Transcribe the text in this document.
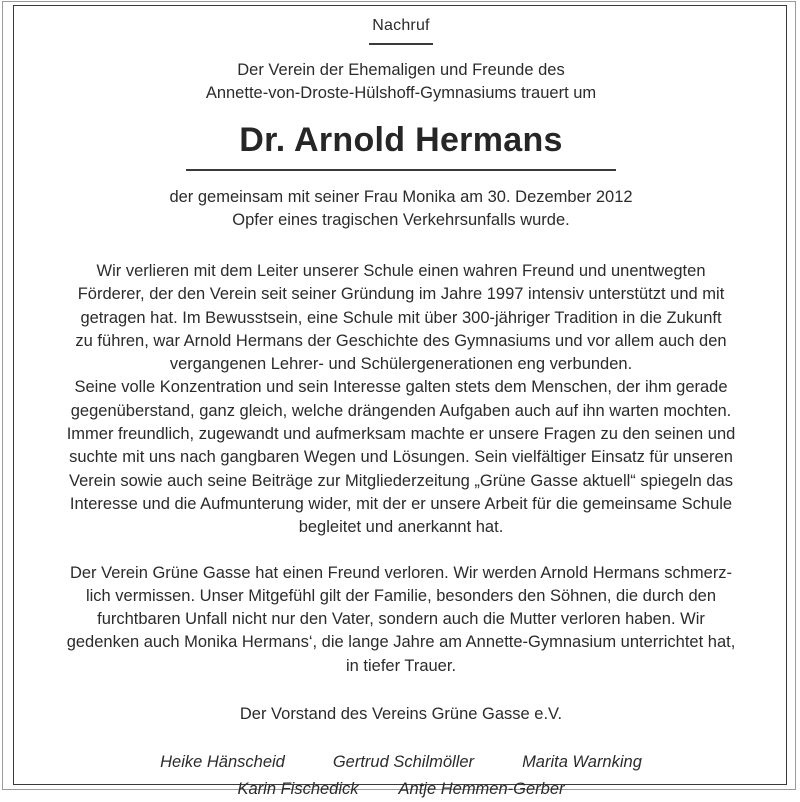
Nachruf
Der Verein der Ehemaligen und Freunde des
Annette-von-Droste-Hülshoff-Gymnasiums trauert um
Dr. Arnold Hermans
der gemeinsam mit seiner Frau Monika am 30. Dezember 2012
Opfer eines tragischen Verkehrsunfalls wurde.
Wir verlieren mit dem Leiter unserer Schule einen wahren Freund und unentwegten
Förderer, der den Verein seit seiner Gründung im Jahre 1997 intensiv unterstützt und mit
getragen hat. Im Bewusstsein, eine Schule mit über 300-jähriger Tradition in die Zukunft
zu führen, war Arnold Hermans der Geschichte des Gymnasiums und vor allem auch den
vergangenen Lehrer- und Schülergenerationen eng verbunden.
Seine volle Konzentration und sein Interesse galten stets dem Menschen, der ihm gerade
gegenüberstand, ganz gleich, welche drängenden Aufgaben auch auf ihn warten mochten.
Immer freundlich, zugewandt und aufmerksam machte er unsere Fragen zu den seinen und
suchte mit uns nach gangbaren Wegen und Lösungen. Sein vielfältiger Einsatz für unseren
Verein sowie auch seine Beiträge zur Mitgliederzeitung „Grüne Gasse aktuell“ spiegeln das
Interesse und die Aufmunterung wider, mit der er unsere Arbeit für die gemeinsame Schule
begleitet und anerkannt hat.
Der Verein Grüne Gasse hat einen Freund verloren. Wir werden Arnold Hermans schmerz-
lich vermissen. Unser Mitgefühl gilt der Familie, besonders den Söhnen, die durch den
furchtbaren Unfall nicht nur den Vater, sondern auch die Mutter verloren haben. Wir
gedenken auch Monika Hermans‘, die lange Jahre am Annette-Gymnasium unterrichtet hat,
in tiefer Trauer.
Der Vorstand des Vereins Grüne Gasse e.V.
Heike Hänscheid	Gertrud Schilmöller	Marita Warnking
Karin Fischedick Antje Hemmen-Gerber
